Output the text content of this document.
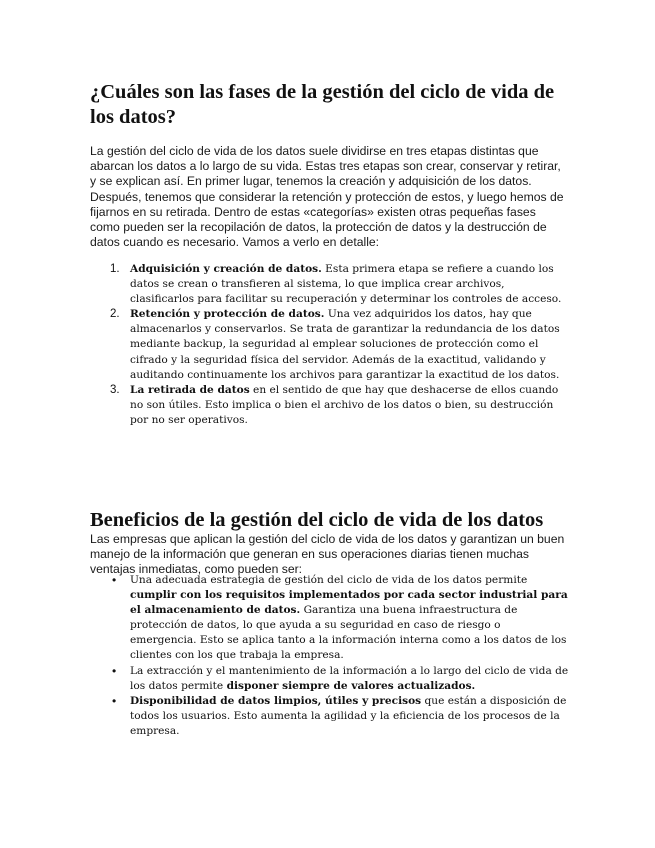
¿Cuáles son las fases de la gestión del ciclo de vida de los datos?

La gestión del ciclo de vida de los datos suele dividirse en tres etapas distintas que abarcan los datos a lo largo de su vida. Estas tres etapas son crear, conservar y retirar, y se explican así. En primer lugar, tenemos la creación y adquisición de los datos. Después, tenemos que considerar la retención y protección de estos, y luego hemos de fijarnos en su retirada. Dentro de estas «categorías» existen otras pequeñas fases como pueden ser la recopilación de datos, la protección de datos y la destrucción de datos cuando es necesario. Vamos a verlo en detalle:

1. Adquisición y creación de datos. Esta primera etapa se refiere a cuando los datos se crean o transfieren al sistema, lo que implica crear archivos, clasificarlos para facilitar su recuperación y determinar los controles de acceso.
2. Retención y protección de datos. Una vez adquiridos los datos, hay que almacenarlos y conservarlos. Se trata de garantizar la redundancia de los datos mediante backup, la seguridad al emplear soluciones de protección como el cifrado y la seguridad física del servidor. Además de la exactitud, validando y auditando continuamente los archivos para garantizar la exactitud de los datos.
3. La retirada de datos en el sentido de que hay que deshacerse de ellos cuando no son útiles. Esto implica o bien el archivo de los datos o bien, su destrucción por no ser operativos.
Beneficios de la gestión del ciclo de vida de los datos

Las empresas que aplican la gestión del ciclo de vida de los datos y garantizan un buen manejo de la información que generan en sus operaciones diarias tienen muchas ventajas inmediatas, como pueden ser:

• Una adecuada estrategia de gestión del ciclo de vida de los datos permite cumplir con los requisitos implementados por cada sector industrial para el almacenamiento de datos. Garantiza una buena infraestructura de protección de datos, lo que ayuda a su seguridad en caso de riesgo o emergencia. Esto se aplica tanto a la información interna como a los datos de los clientes con los que trabaja la empresa.
• La extracción y el mantenimiento de la información a lo largo del ciclo de vida de los datos permite disponer siempre de valores actualizados.
• Disponibilidad de datos limpios, útiles y precisos que están a disposición de todos los usuarios. Esto aumenta la agilidad y la eficiencia de los procesos de la empresa.
